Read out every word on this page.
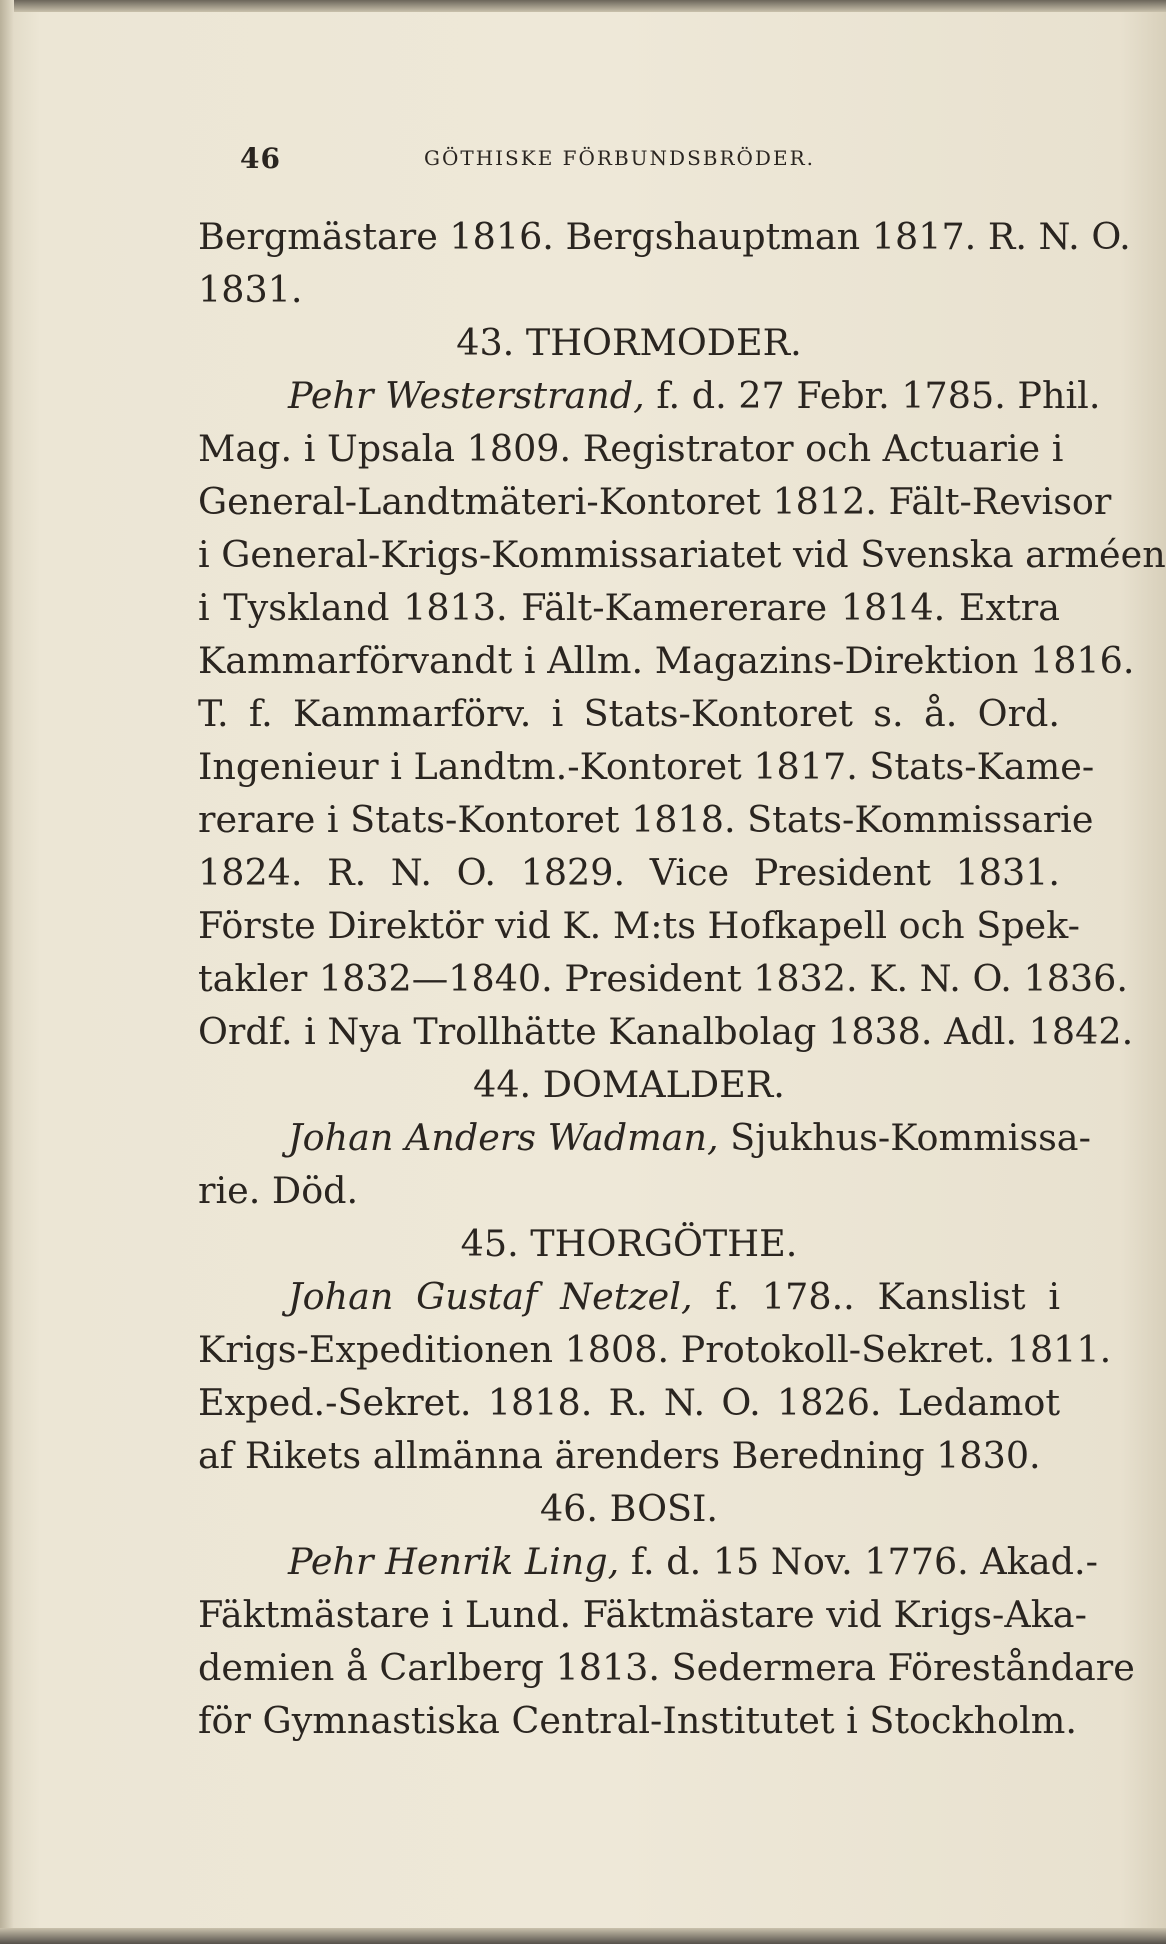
46	GÖTHISKE FÖRBUNDSBRÖDER.
Bergmästare 1816. Bergshauptman 1817. R. N. O.
1831.
43. THORMODER.
Pehr Westerstrand, f. d. 27 Febr. 1785. Phil.
Mag. i Upsala 1809. Registrator och Actuarie i
General-Landtmäteri-Kontoret 1812. Fält-Revisor
i General-Krigs-Kommissariatet vid Svenska arméen
i Tyskland 1813. Fält-Kamererare 1814. Extra
Kammarförvandt i Allm. Magazins-Direktion 1816.
T. f. Kammarförv. i Stats-Kontoret s. å. Ord.
Ingenieur i Landtm.-Kontoret 1817. Stats-Kame-
rerare i Stats-Kontoret 1818. Stats-Kommissarie
1824. R. N. O. 1829. Vice President 1831.
Förste Direktör vid K. M:ts Hofkapell och Spek-
takler 1832—1840. President 1832. K. N. O. 1836.
Ordf. i Nya Trollhätte Kanalbolag 1838. Adl. 1842.
44. DOMALDER.
Johan Anders Wadman, Sjukhus-Kommissa-
rie. Död.
45. THORGÖTHE.
Johan Gustaf Netzel, f. 178.. Kanslist i
Krigs-Expeditionen 1808. Protokoll-Sekret. 1811.
Exped.-Sekret. 1818. R. N. O. 1826. Ledamot
af Rikets allmänna ärenders Beredning 1830.
46. BOSI.
Pehr Henrik Ling, f. d. 15 Nov. 1776. Akad.-
Fäktmästare i Lund. Fäktmästare vid Krigs-Aka-
demien å Carlberg 1813. Sedermera Föreståndare
för Gymnastiska Central-Institutet i Stockholm.
